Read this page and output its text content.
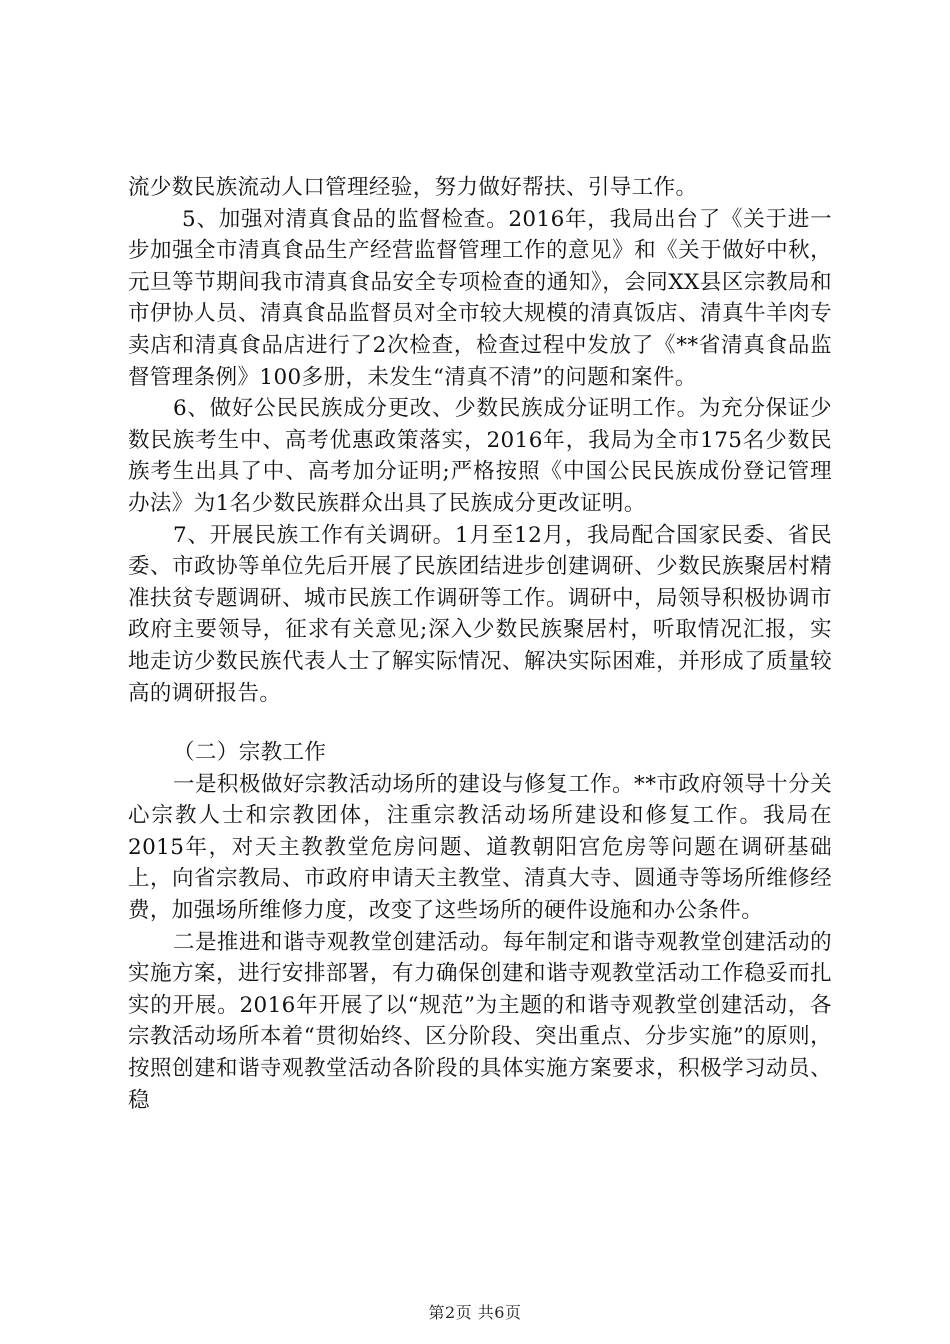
流少数民族流动人口管理经验，努力做好帮扶、引导工作。

5、加强对清真食品的监督检查。2016年，我局出台了《关于进一步加强全市清真食品生产经营监督管理工作的意见》和《关于做好中秋，元旦等节期间我市清真食品安全专项检查的通知》，会同XX县区宗教局和市伊协人员、清真食品监督员对全市较大规模的清真饭店、清真牛羊肉专卖店和清真食品店进行了2次检查，检查过程中发放了《**省清真食品监督管理条例》100多册，未发生“清真不清”的问题和案件。

6、做好公民民族成分更改、少数民族成分证明工作。为充分保证少数民族考生中、高考优惠政策落实，2016年，我局为全市175名少数民族考生出具了中、高考加分证明;严格按照《中国公民民族成份登记管理办法》为1名少数民族群众出具了民族成分更改证明。

7、开展民族工作有关调研。1月至12月，我局配合国家民委、省民委、市政协等单位先后开展了民族团结进步创建调研、少数民族聚居村精准扶贫专题调研、城市民族工作调研等工作。调研中，局领导积极协调市政府主要领导，征求有关意见;深入少数民族聚居村，听取情况汇报，实地走访少数民族代表人士了解实际情况、解决实际困难，并形成了质量较高的调研报告。

（二）宗教工作

一是积极做好宗教活动场所的建设与修复工作。**市政府领导十分关心宗教人士和宗教团体，注重宗教活动场所建设和修复工作。我局在2015年，对天主教教堂危房问题、道教朝阳宫危房等问题在调研基础上，向省宗教局、市政府申请天主教堂、清真大寺、圆通寺等场所维修经费，加强场所维修力度，改变了这些场所的硬件设施和办公条件。

二是推进和谐寺观教堂创建活动。每年制定和谐寺观教堂创建活动的实施方案，进行安排部署，有力确保创建和谐寺观教堂活动工作稳妥而扎实的开展。2016年开展了以“规范”为主题的和谐寺观教堂创建活动，各宗教活动场所本着“贯彻始终、区分阶段、突出重点、分步实施”的原则，按照创建和谐寺观教堂活动各阶段的具体实施方案要求，积极学习动员、稳

第2页 共6页
